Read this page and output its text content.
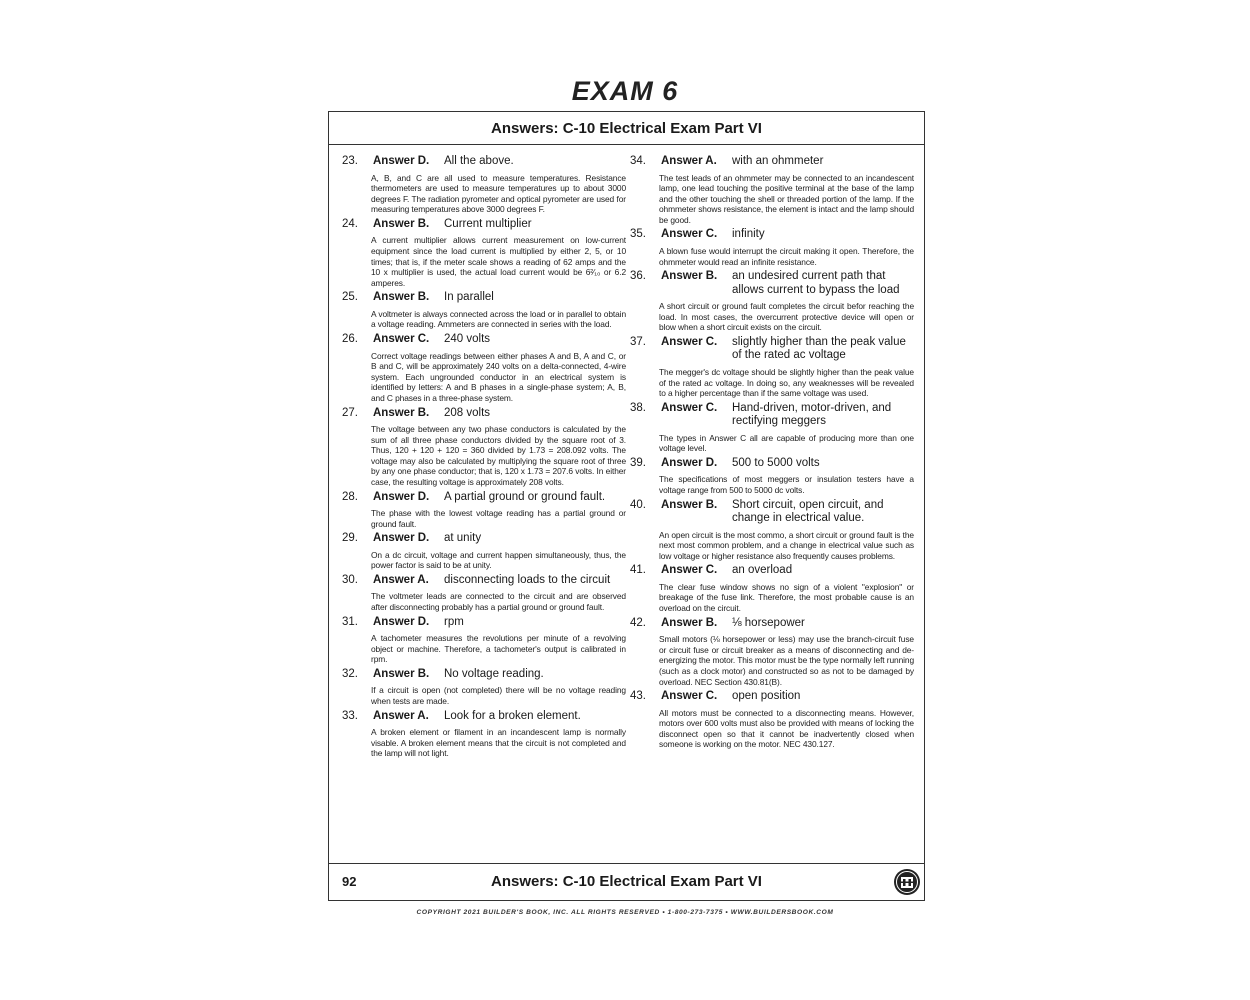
EXAM 6
Answers: C-10 Electrical Exam Part VI
92	Answers: C-10 Electrical Exam Part VI
23.	Answer D.	All the above.
A, B, and C are all used to measure temperatures. Resistance thermometers are used to measure temperatures up to about 3000 degrees F. The radiation pyrometer and optical pyrometer are used for measuring temperatures above 3000 degrees F.
24.	Answer B.	Current multiplier
A current multiplier allows current measurement on low-current equipment since the load current is multiplied by either 2, 5, or 10 times; that is, if the meter scale shows a reading of 62 amps and the 10 x multiplier is used, the actual load current would be 6²⁄₁₀ or 6.2 amperes.
25.	Answer B.	In parallel
A voltmeter is always connected across the load or in parallel to obtain a voltage reading. Ammeters are connected in series with the load.
26.	Answer C.	240 volts
Correct voltage readings between either phases A and B, A and C, or B and C, will be approximately 240 volts on a delta-connected, 4-wire system. Each ungrounded conductor in an electrical system is identified by letters: A and B phases in a single-phase system; A, B, and C phases in a three-phase system.
27.	Answer B.	208 volts
The voltage between any two phase conductors is calculated by the sum of all three phase conductors divided by the square root of 3. Thus, 120 + 120 + 120 = 360 divided by 1.73 = 208.092 volts. The voltage may also be calculated by multiplying the square root of three by any one phase conductor; that is, 120 x 1.73 = 207.6 volts. In either case, the resulting voltage is approximately 208 volts.
28.	Answer D.	A partial ground or ground fault.
The phase with the lowest voltage reading has a partial ground or ground fault.
29.	Answer D.	at unity
On a dc circuit, voltage and current happen simultaneously, thus, the power factor is said to be at unity.
30.	Answer A.	disconnecting loads to the circuit
The voltmeter leads are connected to the circuit and are observed after disconnecting probably has a partial ground or ground fault.
31.	Answer D.	rpm
A tachometer measures the revolutions per minute of a revolving object or machine. Therefore, a tachometer's output is calibrated in rpm.
32.	Answer B.	No voltage reading.
If a circuit is open (not completed) there will be no voltage reading when tests are made.
33.	Answer A.	Look for a broken element.
A broken element or filament in an incandescent lamp is normally visable. A broken element means that the circuit is not completed and the lamp will not light.
34.	Answer A.	with an ohmmeter
The test leads of an ohmmeter may be connected to an incandescent lamp, one lead touching the positive terminal at the base of the lamp and the other touching the shell or threaded portion of the lamp. If the ohmmeter shows resistance, the element is intact and the lamp should be good.
35.	Answer C.	infinity
A blown fuse would interrupt the circuit making it open. Therefore, the ohmmeter would read an infinite resistance.
36.	Answer B.	an undesired current path that allows current to bypass the load
A short circuit or ground fault completes the circuit befor reaching the load. In most cases, the overcurrent protective device will open or blow when a short circuit exists on the circuit.
37.	Answer C.	slightly higher than the peak value of the rated ac voltage
The megger's dc voltage should be slightly higher than the peak value of the rated ac voltage. In doing so, any weaknesses will be revealed to a higher percentage than if the same voltage was used.
38.	Answer C.	Hand-driven, motor-driven, and rectifying meggers
The types in Answer C all are capable of producing more than one voltage level.
39.	Answer D.	500 to 5000 volts
The specifications of most meggers or insulation testers have a voltage range from 500 to 5000 dc volts.
40.	Answer B.	Short circuit, open circuit, and change in electrical value.
An open circuit is the most commo, a short circuit or ground fault is the next most common problem, and a change in electrical value such as low voltage or higher resistance also frequently causes problems.
41.	Answer C.	an overload
The clear fuse window shows no sign of a violent "explosion" or breakage of the fuse link. Therefore, the most probable cause is an overload on the circuit.
42.	Answer B.	⅛ horsepower
Small motors (⅛ horsepower or less) may use the branch-circuit fuse or circuit fuse or circuit breaker as a means of disconnecting and de-energizing the motor. This motor must be the type normally left running (such as a clock motor) and constructed so as not to be damaged by overload. NEC Section 430.81(B).
43.	Answer C.	open position
All motors must be connected to a disconnecting means. However, motors over 600 volts must also be provided with means of locking the disconnect open so that it cannot be inadvertently closed when someone is working on the motor. NEC 430.127.
COPYRIGHT 2021 BUILDER'S BOOK, INC. ALL RIGHTS RESERVED • 1-800-273-7375 • WWW.BUILDERSBOOK.COM
